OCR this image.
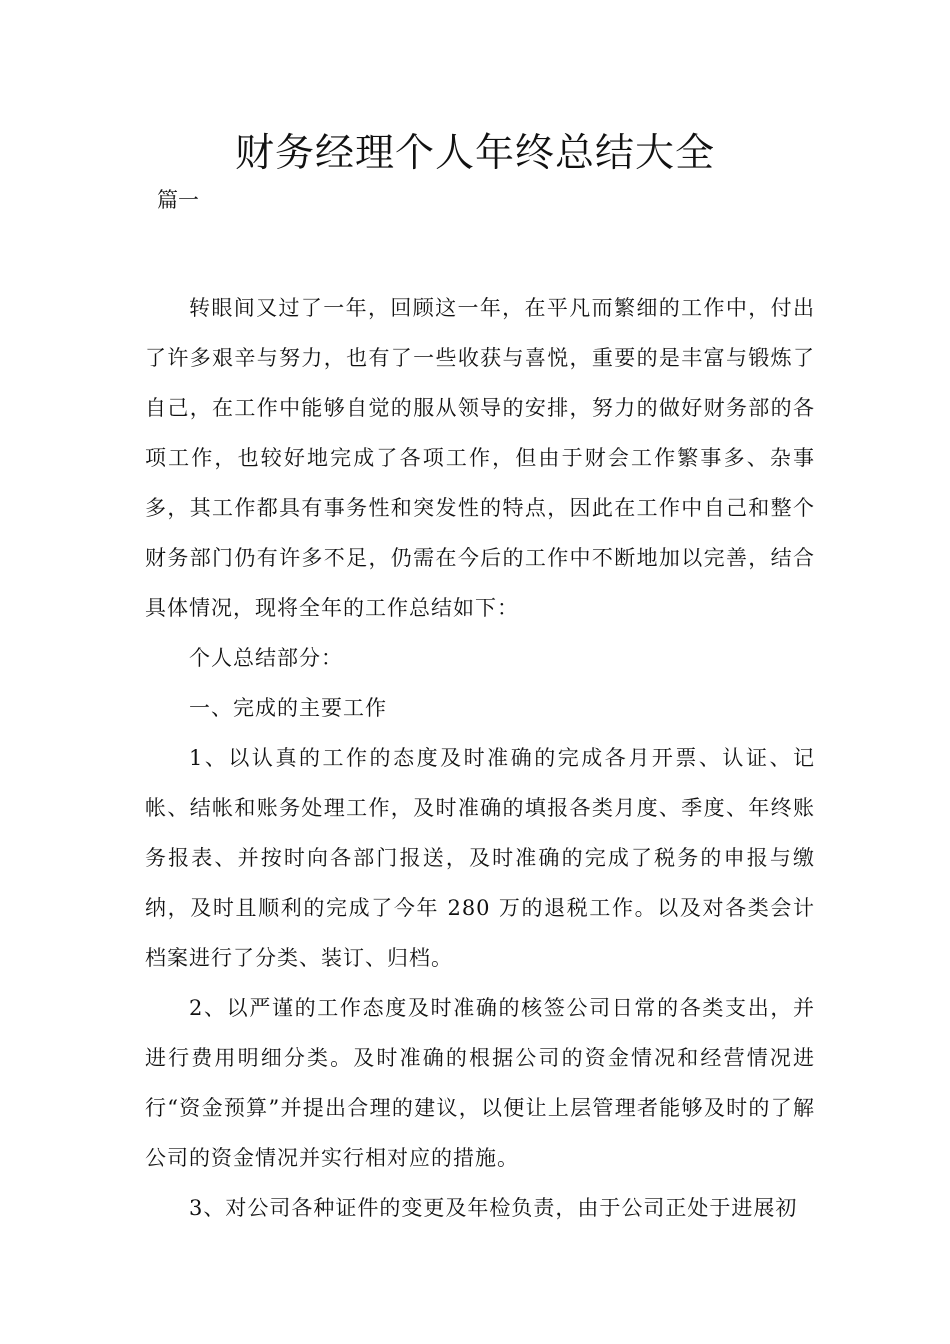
财务经理个人年终总结大全

篇一

转眼间又过了一年，回顾这一年，在平凡而繁细的工作中，付出了许多艰辛与努力，也有了一些收获与喜悦，重要的是丰富与锻炼了自己，在工作中能够自觉的服从领导的安排，努力的做好财务部的各项工作，也较好地完成了各项工作，但由于财会工作繁事多、杂事多，其工作都具有事务性和突发性的特点，因此在工作中自己和整个财务部门仍有许多不足，仍需在今后的工作中不断地加以完善，结合具体情况，现将全年的工作总结如下：

个人总结部分：

一、完成的主要工作

1、以认真的工作的态度及时准确的完成各月开票、认证、记帐、结帐和账务处理工作，及时准确的填报各类月度、季度、年终账务报表、并按时向各部门报送，及时准确的完成了税务的申报与缴纳，及时且顺利的完成了今年 280 万的退税工作。以及对各类会计档案进行了分类、装订、归档。

2、以严谨的工作态度及时准确的核签公司日常的各类支出，并进行费用明细分类。及时准确的根据公司的资金情况和经营情况进行“资金预算”并提出合理的建议，以便让上层管理者能够及时的了解公司的资金情况并实行相对应的措施。

3、对公司各种证件的变更及年检负责，由于公司正处于进展初
